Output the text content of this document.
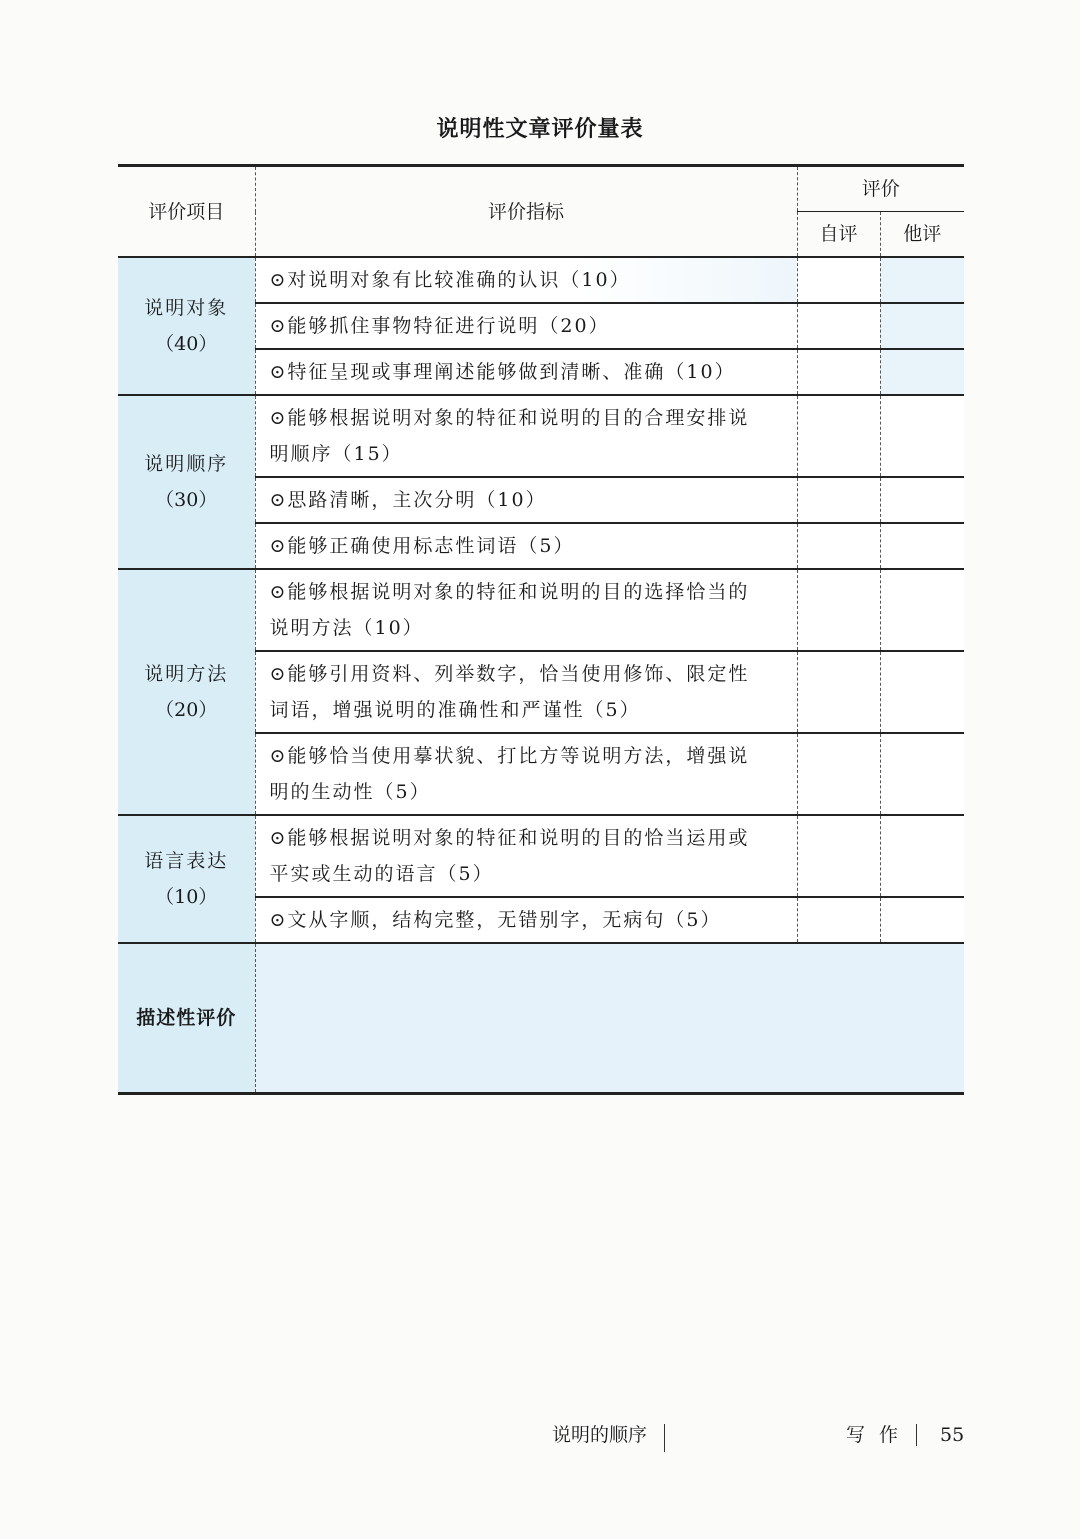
说明性文章评价量表
评价项目	评价指标	评价	
		自评	他评

说明对象
（40）	⊙对说明对象有比较准确的认识（10）		

	⊙能够抓住事物特征进行说明（20）		

	⊙特征呈现或事理阐述能够做到清晰、准确（10）		

说明顺序
（30）	⊙能够根据说明对象的特征和说明的目的合理安排说
明顺序（15）		

	⊙思路清晰，主次分明（10）		

	⊙能够正确使用标志性词语（5）		

说明方法
（20）	⊙能够根据说明对象的特征和说明的目的选择恰当的
说明方法（10）		

	⊙能够引用资料、列举数字，恰当使用修饰、限定性
词语，增强说明的准确性和严谨性（5）		

	⊙能够恰当使用摹状貌、打比方等说明方法，增强说
明的生动性（5）		

语言表达
（10）	⊙能够根据说明对象的特征和说明的目的恰当运用或
平实或生动的语言（5）		

	⊙文从字顺，结构完整，无错别字，无病句（5）		

描述性评价			
说明的顺序	写作 55
